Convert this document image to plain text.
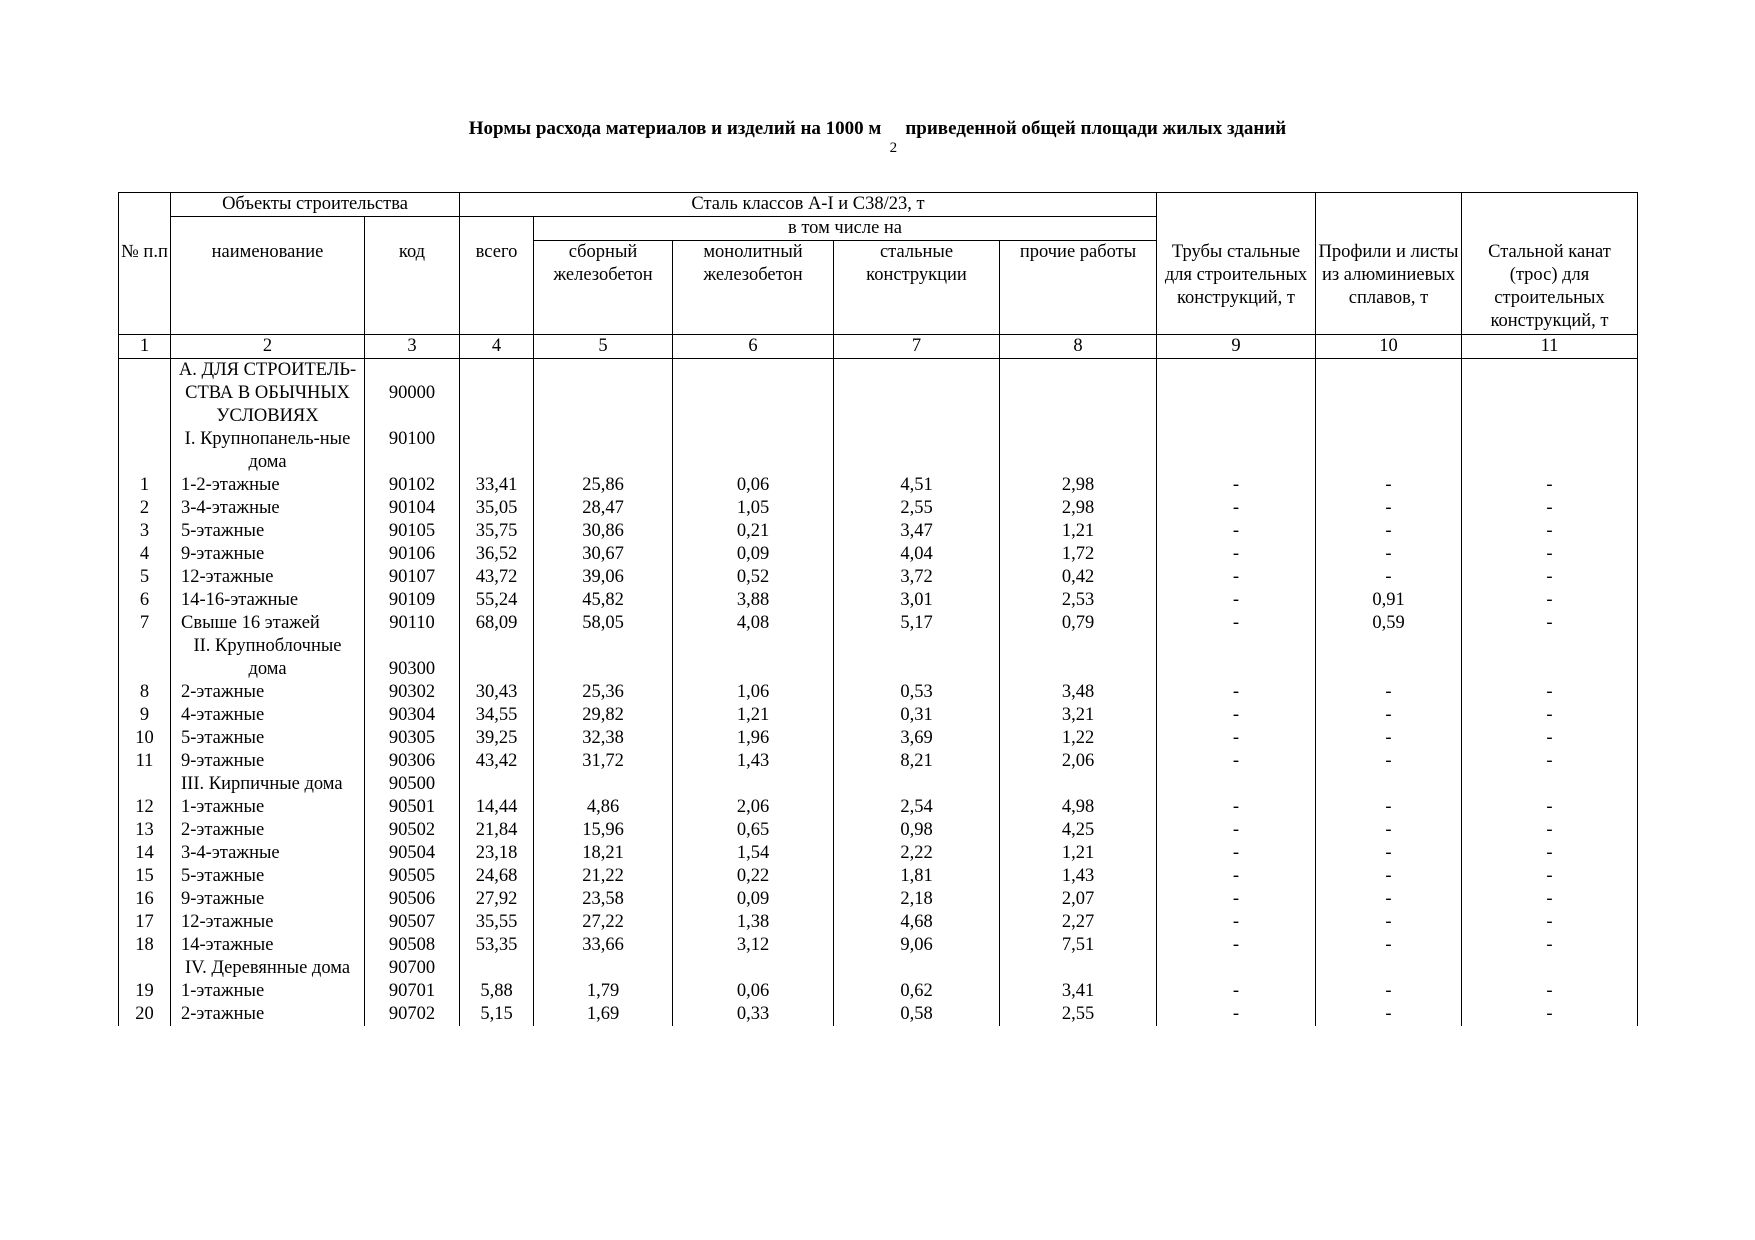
Нормы расхода материалов и изделий на 1000 м2приведенной общей площади жилых зданий
	Объекты строительства		Сталь классов A-I и C38/23, т							

№ п.п	наименование	код	всего	в том числе на				Трубы стальные для строительных конструкций, т	Профили и листы из алюминиевых сплавов, т	Стальной канат (трос) для строительных конструкций, т

				сборный железобетон	монолитный железобетон	стальные конструкции	прочие работы			
1	2	3	4	5	6	7	8	9	10	11
	А. ДЛЯ СТРОИТЕЛЬ-СТВА В ОБЫЧНЫХ УСЛОВИЯХ	90000								
	I. Крупнопанель-ные дома	90100								
1	1-2-этажные	90102	33,41	25,86	0,06	4,51	2,98	-	-	-
2	3-4-этажные	90104	35,05	28,47	1,05	2,55	2,98	-	-	-
3	5-этажные	90105	35,75	30,86	0,21	3,47	1,21	-	-	-
4	9-этажные	90106	36,52	30,67	0,09	4,04	1,72	-	-	-
5	12-этажные	90107	43,72	39,06	0,52	3,72	0,42	-	-	-
6	14-16-этажные	90109	55,24	45,82	3,88	3,01	2,53	-	0,91	-
7	Свыше 16 этажей	90110	68,09	58,05	4,08	5,17	0,79	-	0,59	-
	II. Крупноблочные дома	90300								
8	2-этажные	90302	30,43	25,36	1,06	0,53	3,48	-	-	-
9	4-этажные	90304	34,55	29,82	1,21	0,31	3,21	-	-	-
10	5-этажные	90305	39,25	32,38	1,96	3,69	1,22	-	-	-
11	9-этажные	90306	43,42	31,72	1,43	8,21	2,06	-	-	-
	III. Кирпичные дома	90500								
12	1-этажные	90501	14,44	4,86	2,06	2,54	4,98	-	-	-
13	2-этажные	90502	21,84	15,96	0,65	0,98	4,25	-	-	-
14	3-4-этажные	90504	23,18	18,21	1,54	2,22	1,21	-	-	-
15	5-этажные	90505	24,68	21,22	0,22	1,81	1,43	-	-	-
16	9-этажные	90506	27,92	23,58	0,09	2,18	2,07	-	-	-
17	12-этажные	90507	35,55	27,22	1,38	4,68	2,27	-	-	-
18	14-этажные	90508	53,35	33,66	3,12	9,06	7,51	-	-	-
	IV. Деревянные дома	90700								
19	1-этажные	90701	5,88	1,79	0,06	0,62	3,41	-	-	-
20	2-этажные	90702	5,15	1,69	0,33	0,58	2,55	-	-	-
